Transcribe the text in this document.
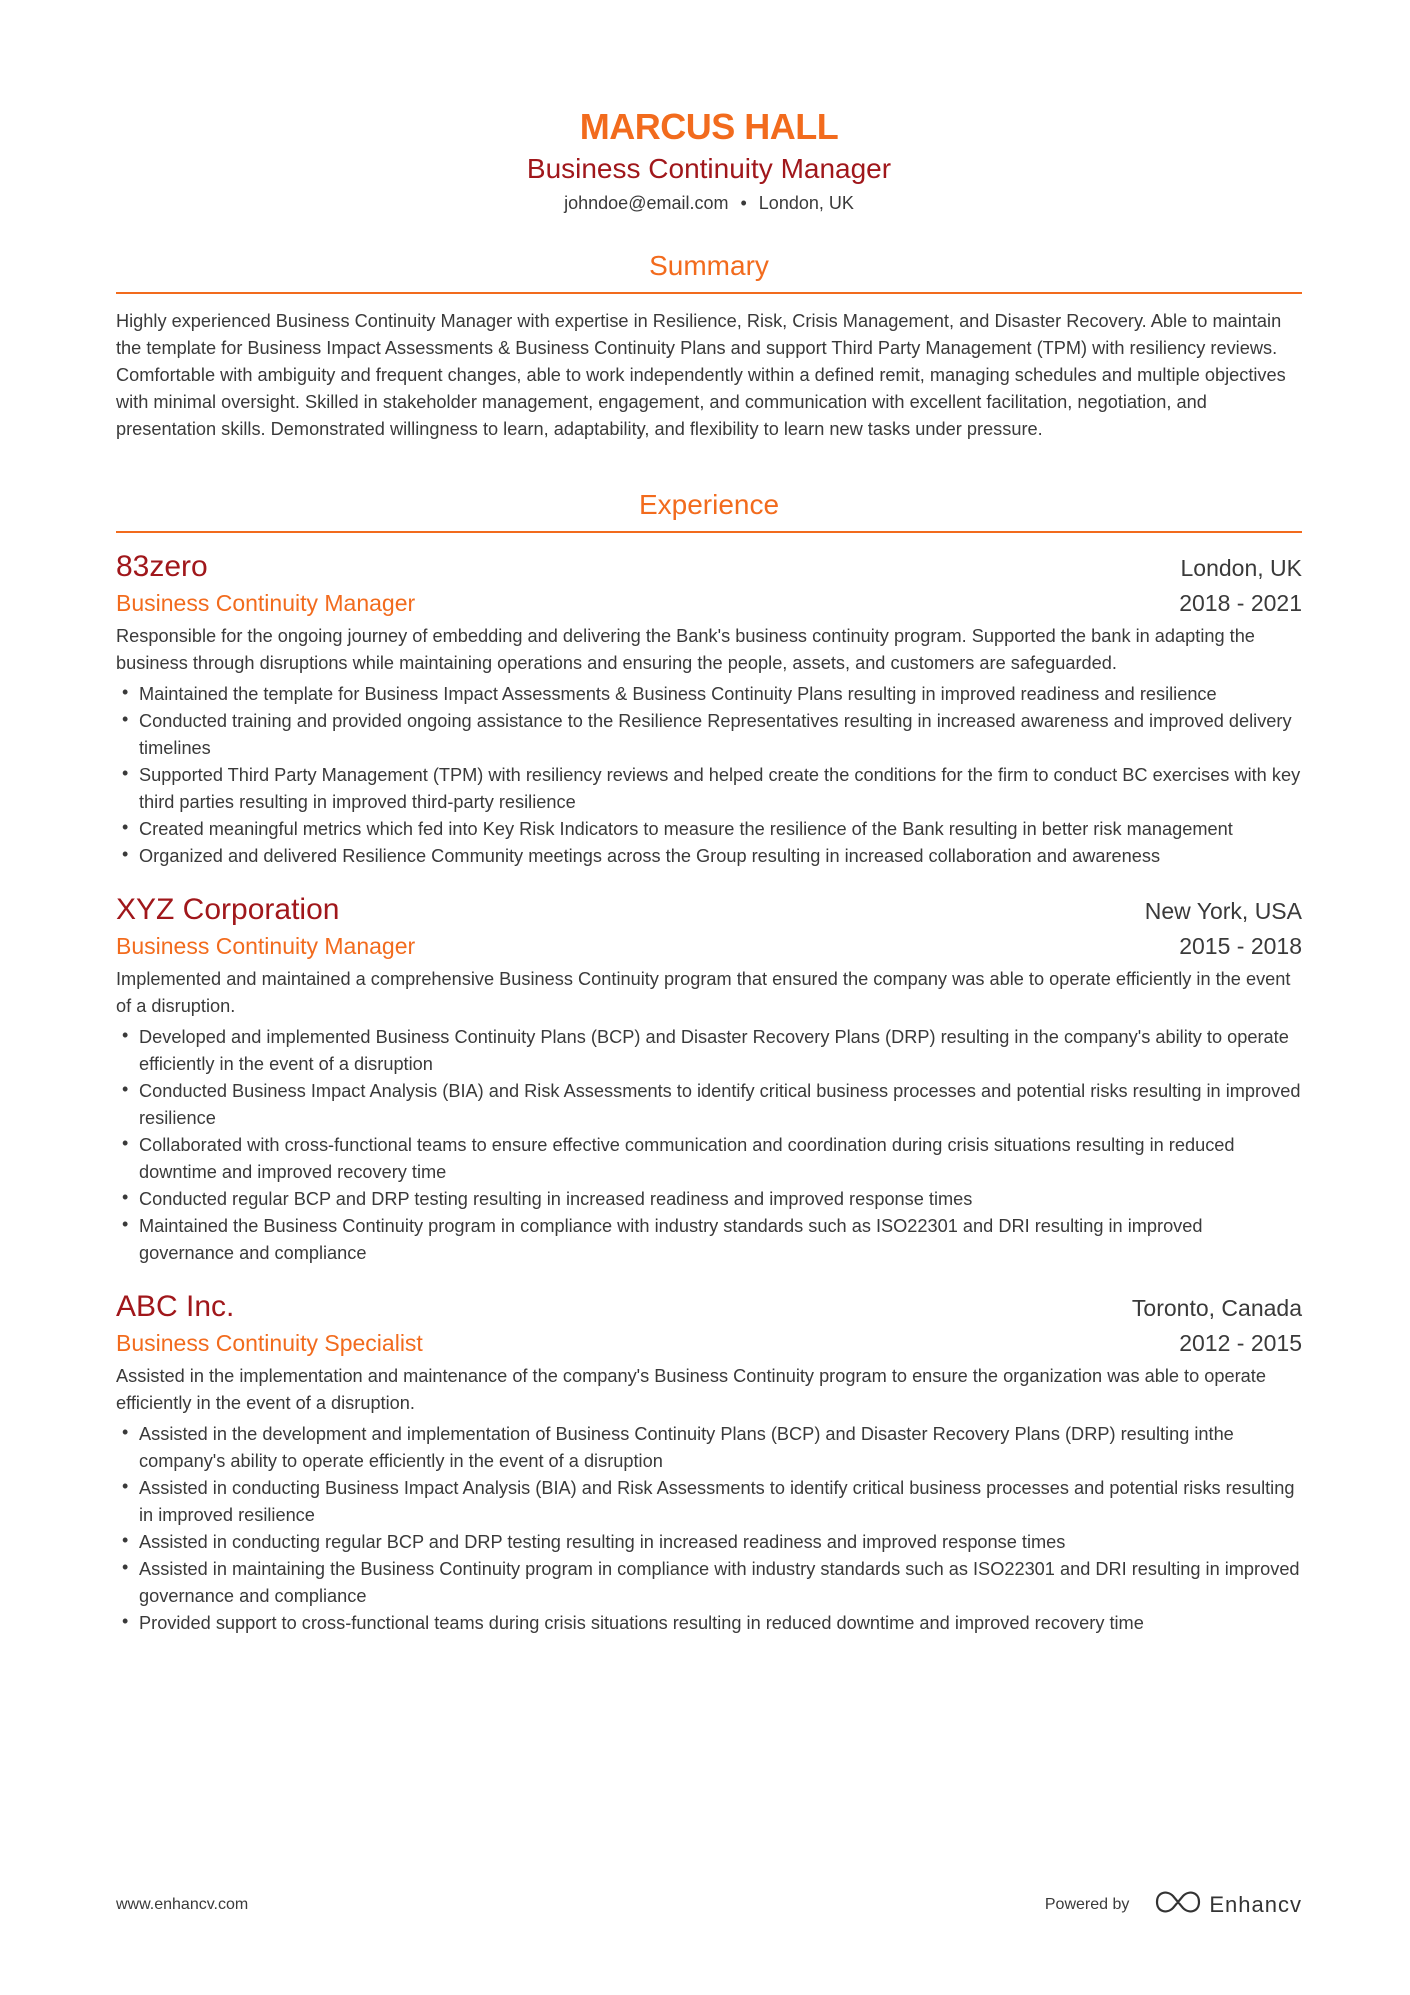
MARCUS HALL
Business Continuity Manager
johndoe@email.com • London, UK
Summary
Highly experienced Business Continuity Manager with expertise in Resilience, Risk, Crisis Management, and Disaster Recovery. Able to maintain the template for Business Impact Assessments & Business Continuity Plans and support Third Party Management (TPM) with resiliency reviews. Comfortable with ambiguity and frequent changes, able to work independently within a defined remit, managing schedules and multiple objectives with minimal oversight. Skilled in stakeholder management, engagement, and communication with excellent facilitation, negotiation, and presentation skills. Demonstrated willingness to learn, adaptability, and flexibility to learn new tasks under pressure.
Experience
83zero	London, UK
Business Continuity Manager	2018 - 2021
Responsible for the ongoing journey of embedding and delivering the Bank's business continuity program. Supported the bank in adapting the business through disruptions while maintaining operations and ensuring the people, assets, and customers are safeguarded.
• Maintained the template for Business Impact Assessments & Business Continuity Plans resulting in improved readiness and resilience
• Conducted training and provided ongoing assistance to the Resilience Representatives resulting in increased awareness and improved delivery timelines
• Supported Third Party Management (TPM) with resiliency reviews and helped create the conditions for the firm to conduct BC exercises with key third parties resulting in improved third-party resilience
• Created meaningful metrics which fed into Key Risk Indicators to measure the resilience of the Bank resulting in better risk management
• Organized and delivered Resilience Community meetings across the Group resulting in increased collaboration and awareness
XYZ Corporation	New York, USA
Business Continuity Manager	2015 - 2018
Implemented and maintained a comprehensive Business Continuity program that ensured the company was able to operate efficiently in the event of a disruption.
• Developed and implemented Business Continuity Plans (BCP) and Disaster Recovery Plans (DRP) resulting in the company's ability to operate efficiently in the event of a disruption
• Conducted Business Impact Analysis (BIA) and Risk Assessments to identify critical business processes and potential risks resulting in improved resilience
• Collaborated with cross-functional teams to ensure effective communication and coordination during crisis situations resulting in reduced downtime and improved recovery time
• Conducted regular BCP and DRP testing resulting in increased readiness and improved response times
• Maintained the Business Continuity program in compliance with industry standards such as ISO22301 and DRI resulting in improved governance and compliance
ABC Inc.	Toronto, Canada
Business Continuity Specialist	2012 - 2015
Assisted in the implementation and maintenance of the company's Business Continuity program to ensure the organization was able to operate efficiently in the event of a disruption.
• Assisted in the development and implementation of Business Continuity Plans (BCP) and Disaster Recovery Plans (DRP) resulting inthe company's ability to operate efficiently in the event of a disruption
• Assisted in conducting Business Impact Analysis (BIA) and Risk Assessments to identify critical business processes and potential risks resulting in improved resilience
• Assisted in conducting regular BCP and DRP testing resulting in increased readiness and improved response times
• Assisted in maintaining the Business Continuity program in compliance with industry standards such as ISO22301 and DRI resulting in improved governance and compliance
• Provided support to cross-functional teams during crisis situations resulting in reduced downtime and improved recovery time
www.enhancv.com	Powered by	Enhancv
